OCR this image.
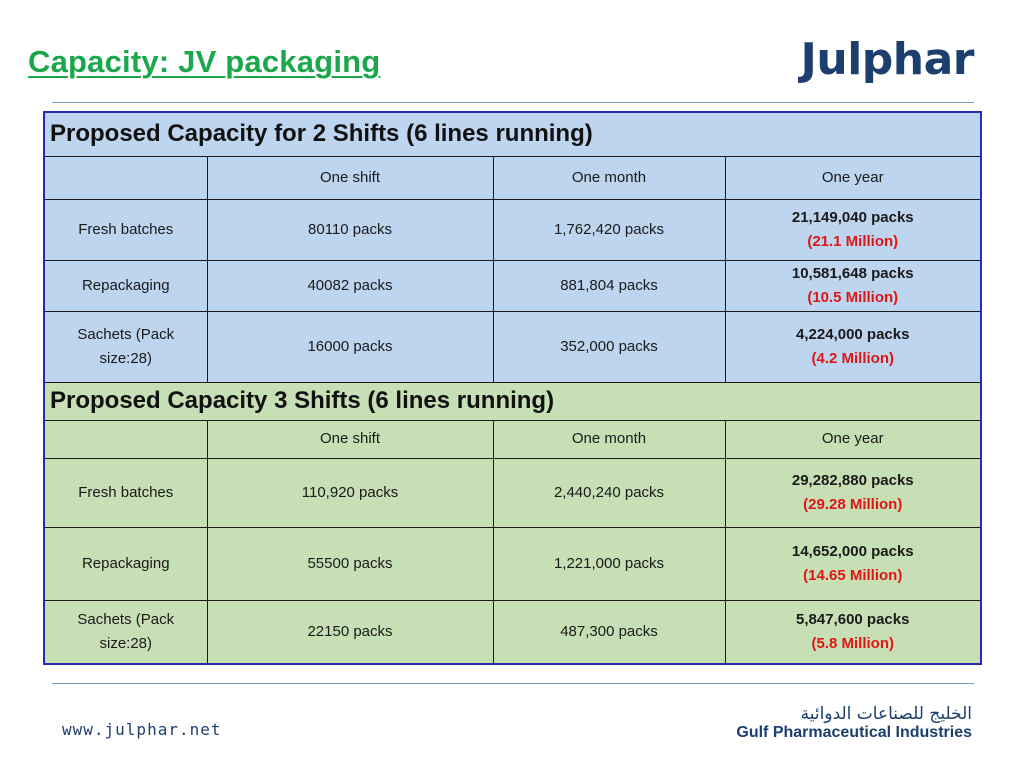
Capacity: JV packaging	Julphar
Proposed Capacity for 2 Shifts (6 lines running)			
	One shift	One month	One year
Fresh batches	80110 packs	1,762,420 packs	21,149,040 packs
(21.1 Million)

Repackaging	40082 packs	881,804 packs	10,581,648 packs
(10.5 Million)

Sachets (Pack size:28)	16000 packs	352,000 packs	4,224,000 packs
(4.2 Million)

Proposed Capacity 3 Shifts (6 lines running)			
	One shift	One month	One year
Fresh batches	110,920 packs	2,440,240 packs	29,282,880 packs
(29.28 Million)

Repackaging	55500 packs	1,221,000 packs	14,652,000 packs
(14.65 Million)

Sachets (Pack size:28)	22150 packs	487,300 packs	5,847,600 packs
(5.8 Million)
www.julphar.net
الخليج للصناعات الدوائية
Gulf Pharmaceutical Industries
